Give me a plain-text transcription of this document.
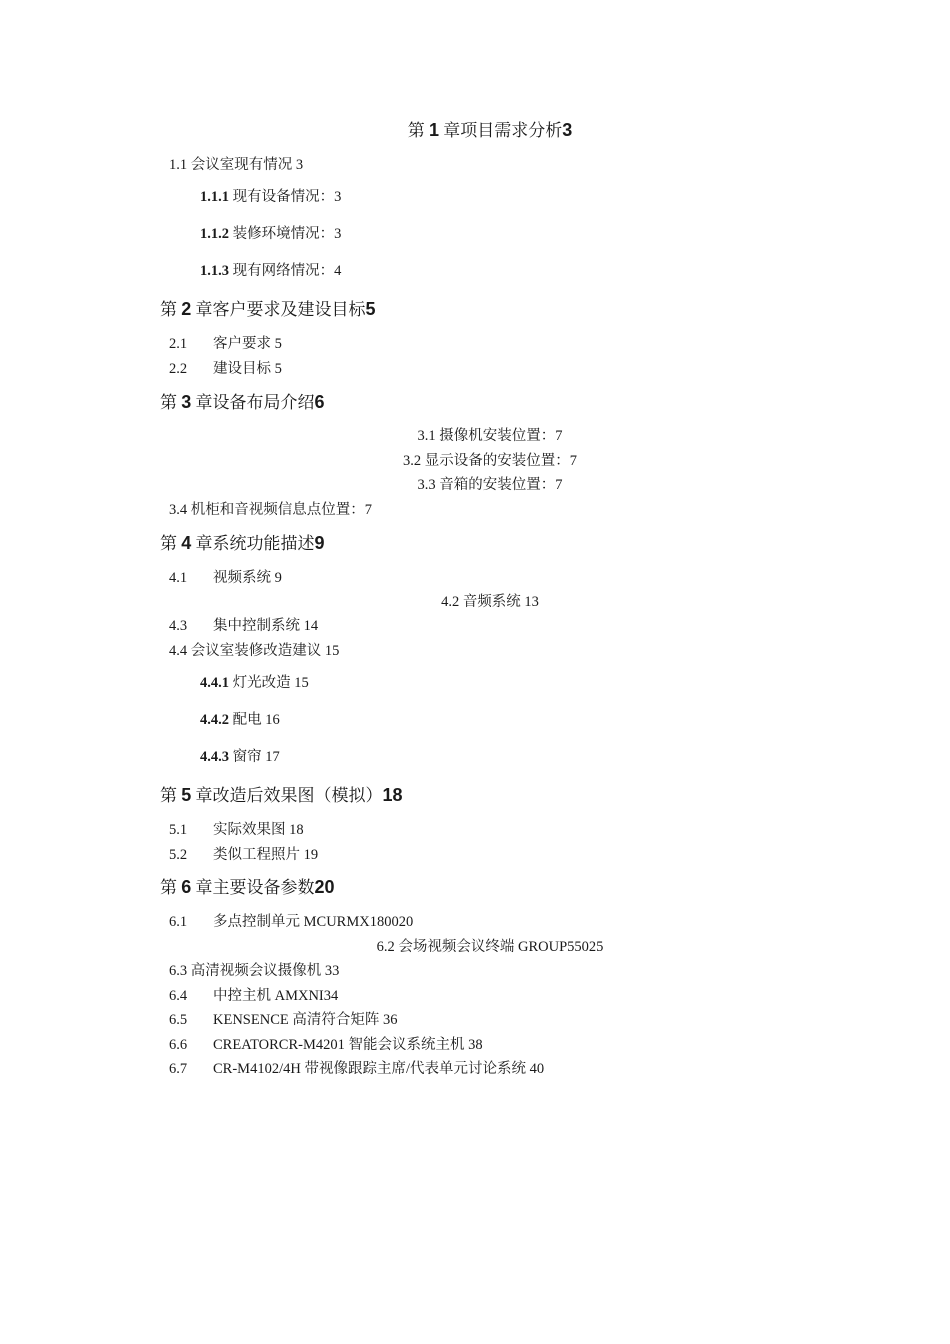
第 1 章项目需求分析3
1.1 会议室现有情况 3
1.1.1 现有设备情况：3
1.1.2 装修环境情况：3
1.1.3 现有网络情况：4
第 2 章客户要求及建设目标5
2.1 客户要求 5
2.2 建设目标 5
第 3 章设备布局介绍6
3.1 摄像机安装位置：7
3.2 显示设备的安装位置：7
3.3 音箱的安装位置：7
3.4 机柜和音视频信息点位置：7
第 4 章系统功能描述9
4.1 视频系统 9
4.2 音频系统 13
4.3 集中控制系统 14
4.4 会议室装修改造建议 15
4.4.1 灯光改造 15
4.4.2 配电 16
4.4.3 窗帘 17
第 5 章改造后效果图（模拟）18
5.1 实际效果图 18
5.2 类似工程照片 19
第 6 章主要设备参数20
6.1 多点控制单元 MCURMX180020
6.2 会场视频会议终端 GROUP55025
6.3 高清视频会议摄像机 33
6.4 中控主机 AMXNI34
6.5 KENSENCE 高清符合矩阵 36
6.6 CREATORCR-M4201 智能会议系统主机 38
6.7 CR-M4102/4H 带视像跟踪主席/代表单元讨论系统 40
